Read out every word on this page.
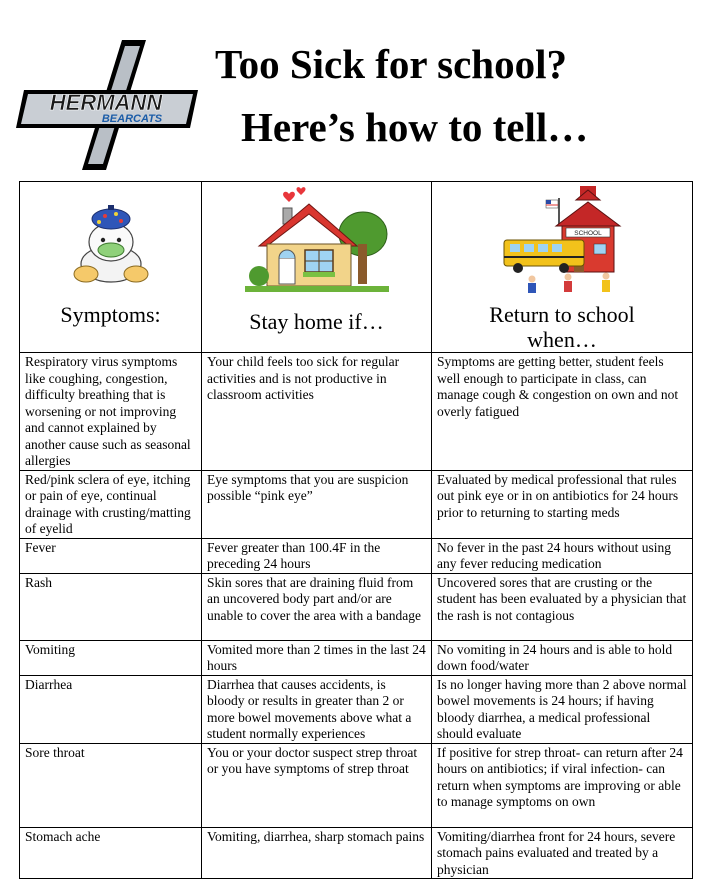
HERMANN
BEARCATS
Too Sick for school?
Here’s how to tell…
Symptoms:	Stay home if…	SCHOOL
Return to school
when…

Respiratory virus symptoms like coughing, congestion, difficulty breathing that is worsening or not improving and cannot explained by another cause such as seasonal allergies	Your child feels too sick for regular activities and is not productive in classroom activities	Symptoms are getting better, student feels well enough to participate in class, can manage cough & congestion on own and not overly fatigued
Red/pink sclera of eye, itching or pain of eye, continual drainage with crusting/matting of eyelid	Eye symptoms that you are suspicion possible “pink eye”	Evaluated by medical professional that rules out pink eye or in on antibiotics for 24 hours prior to returning to starting meds
Fever	Fever greater than 100.4F in the preceding 24 hours	No fever in the past 24 hours without using any fever reducing medication
Rash	Skin sores that are draining fluid from an uncovered body part and/or are unable to cover the area with a bandage	Uncovered sores that are crusting or the student has been evaluated by a physician that the rash is not contagious
Vomiting	Vomited more than 2 times in the last 24 hours	No vomiting in 24 hours and is able to hold down food/water
Diarrhea	Diarrhea that causes accidents, is bloody or results in greater than 2 or more bowel movements above what a student normally experiences	Is no longer having more than 2 above normal bowel movements is 24 hours; if having bloody diarrhea, a medical professional should evaluate
Sore throat	You or your doctor suspect strep throat or you have symptoms of strep throat	If positive for strep throat- can return after 24 hours on antibiotics; if viral infection- can return when symptoms are improving or able to manage symptoms on own
Stomach ache	Vomiting, diarrhea, sharp stomach pains	Vomiting/diarrhea front for 24 hours, severe stomach pains evaluated and treated by a physician
